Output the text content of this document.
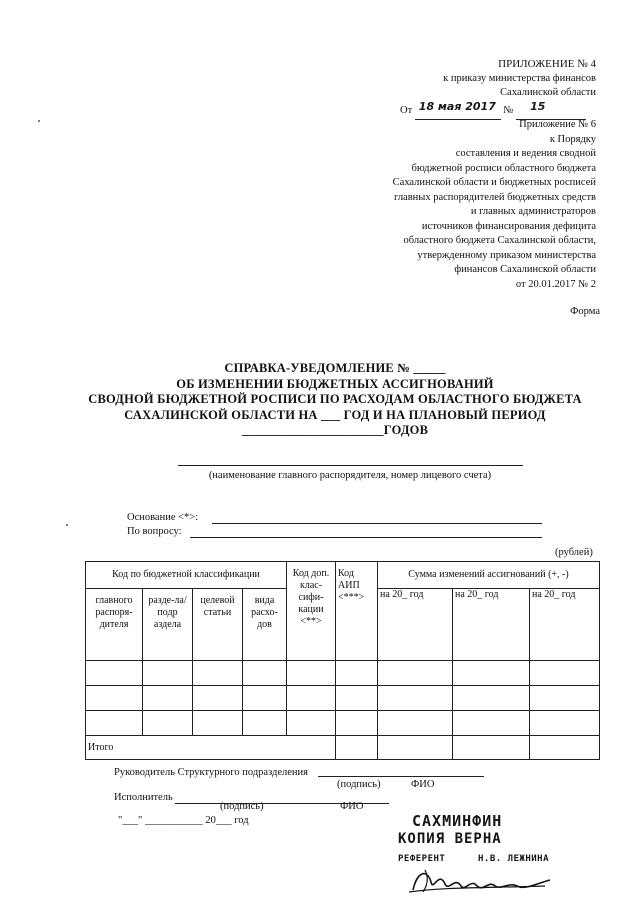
ПРИЛОЖЕНИЕ № 4
к приказу министерства финансов
Сахалинской области
От 18 мая 2017 № 15

Приложение № 6
к Порядку
составления и ведения сводной
бюджетной росписи областного бюджета
Сахалинской области и бюджетных росписей
главных распорядителей бюджетных средств
и главных администраторов
источников финансирования дефицита
областного бюджета Сахалинской области,
утвержденному приказом министерства
финансов Сахалинской области
от 20.01.2017 № 2
Форма
СПРАВКА-УВЕДОМЛЕНИЕ № _____
ОБ ИЗМЕНЕНИИ БЮДЖЕТНЫХ АССИГНОВАНИЙ
СВОДНОЙ БЮДЖЕТНОЙ РОСПИСИ ПО РАСХОДАМ ОБЛАСТНОГО БЮДЖЕТА
САХАЛИНСКОЙ ОБЛАСТИ НА ___ ГОД И НА ПЛАНОВЫЙ ПЕРИОД
______________________ГОДОВ
(наименование главного распорядителя, номер лицевого счета)
Основание <*>:
По вопросу:
(рублей)
Код по бюджетной классификации				Код доп. клас-сифи-кации <**>	Код АИП <***>	Сумма изменений ассигнований (+, -)		
главного распоря-дителя	разде-ла/подр аздела	целевой статьи	вида расхо-дов			на 20_ год	на 20_ год	на 20_ год

Итого								
Руководитель Структурного подразделения
(подпись)	ФИО
Исполнитель
(подпись)	ФИО
"___" ___________ 20___ год	САХМИНФИН
КОПИЯ ВЕРНА
РЕФЕРЕНТ	Н.В. ЛЕЖНИНА
